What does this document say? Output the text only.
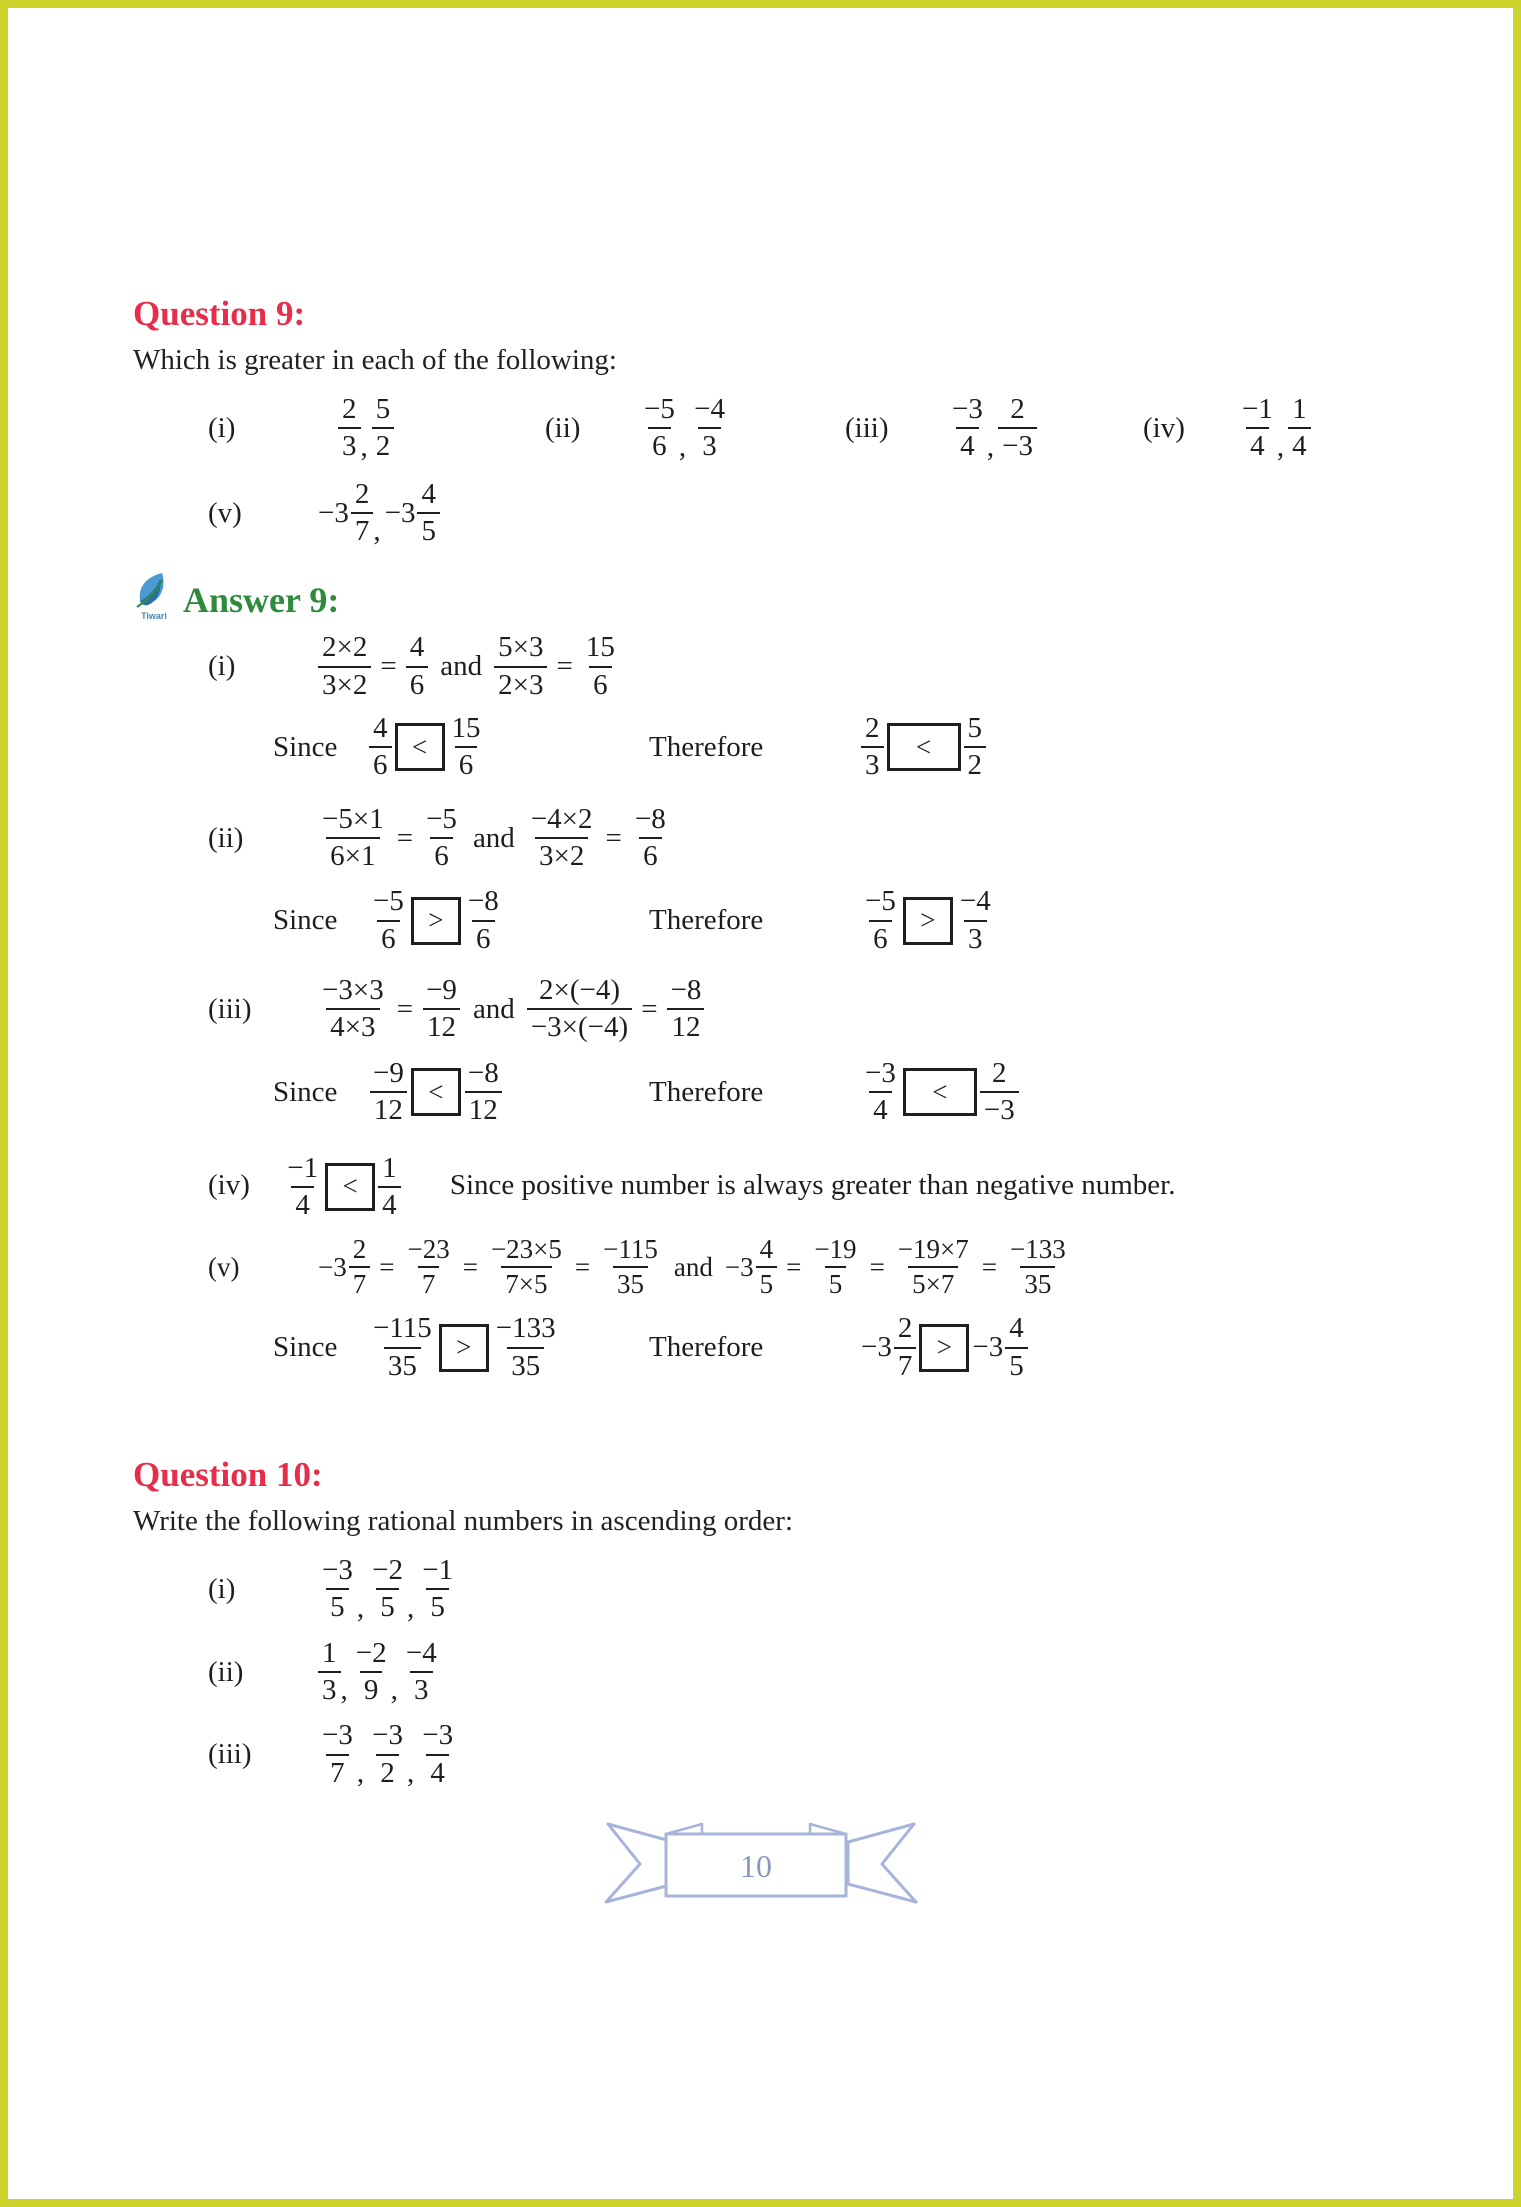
Question 9:

Which is greater in each of the following:

(i)	$\frac{2}{3}$ , $\frac{5}{2}$	(ii)	$\frac{-5}{6}$ , $\frac{-4}{3}$	(iii)	$\frac{-3}{4}$ , $\frac{2}{-3}$	(iv)	$\frac{-1}{4}$ , $\frac{1}{4}$
(v)	$-3 \frac{2}{7}$ ,
$-3 \frac{4}{5}$
Tiwari Answer 9:
(i)	$\frac{2\times 2}{3\times 2} = \frac{4}{6}$ and $\frac{5\times 3}{2\times 3} = \frac{15}{6}$
Since	$\frac{4}{6} < \frac{15}{6}$	Therefore	$\frac{2}{3}$	<	$\frac{5}{2}$
(ii)	$\frac{-5\times 1}{6\times 1} = \frac{-5}{6}$ and $\frac{-4\times 2}{3\times 2} = \frac{-8}{6}$
Since	$\frac{-5}{6} > \frac{-8}{6}$	Therefore	$\frac{-5}{6} > \frac{-4}{3}$
(iii)	$\frac{-3\times 3}{4\times 3} = \frac{-9}{12}$ and $\frac{2\times(-4)}{-3\times(-4)} = \frac{-8}{12}$
Since	$\frac{-9}{12} < \frac{-8}{12}$	Therefore	$\frac{-3}{4}$	<	$\frac{2}{-3}$
$(iv) \frac{-1}{4} < \frac{1}{4}$ Since positive number is always greater than negative number.
(v)	$-3 \frac{2}{7} = \frac{-23}{7} = \frac{-23\times 5}{7\times 5} = \frac{-115}{35}$ and $-3 \frac{4}{5} = \frac{-19}{5} = \frac{-19\times 7}{5\times 7} = \frac{-133}{35}$
Since	$\frac{-115}{35} > \frac{-133}{35}$	Therefore	$-3 \frac{2}{7} > -3 \frac{4}{5}$
Question 10:

Write the following rational numbers in ascending order:

(i)	$\frac{-3}{5}$ , $\frac{-2}{5}$ , $\frac{-1}{5}$
(ii)	$\frac{1}{3}$ , $\frac{-2}{9}$ , $\frac{-4}{3}$
(iii)	$\frac{-3}{7}$ , $\frac{-3}{2}$ , $\frac{-3}{4}$
10
